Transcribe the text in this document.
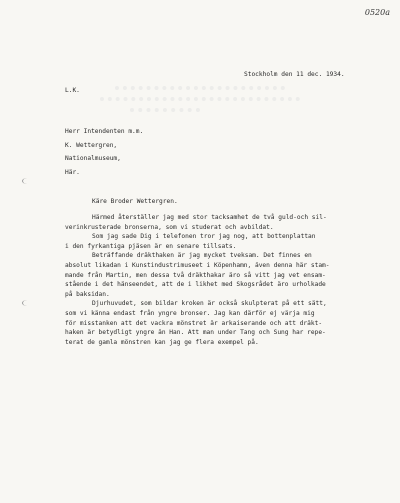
0520a
Stockholm den 11 dec. 1934.
L.K.
Herr Intendenten m.m.
K. Wettergren,
Nationalmuseum,
Här.
Käre Broder Wettergren.
Härmed återställer jag med stor tacksamhet de två guld-och sil-
verinkrusterade bronserna, som vi studerat och avbildat.
Som jag sade Dig i telefonen tror jag nog, att bottenplattan
i den fyrkantiga pjäsen är en senare tillsats.
Beträffande dräkthaken är jag mycket tveksam. Det finnes en
absolut likadan i Kunstindustrimuseet i Köpenhamn, även denna här stam-
mande från Martin, men dessa två dräkthakar äro så vitt jag vet ensam-
stående i det hänseendet, att de i likhet med Skogsrådet äro urholkade
på baksidan.
Djurhuvudet, som bildar kroken är också skulpterat på ett sätt,
som vi känna endast från yngre bronser. Jag kan därför ej värja mig
för misstanken att det vackra mönstret är arkaiserande och att dräkt-
haken är betydligt yngre än Han. Att man under Tang och Sung har repe-
terat de gamla mönstren kan jag ge flera exempel på.
